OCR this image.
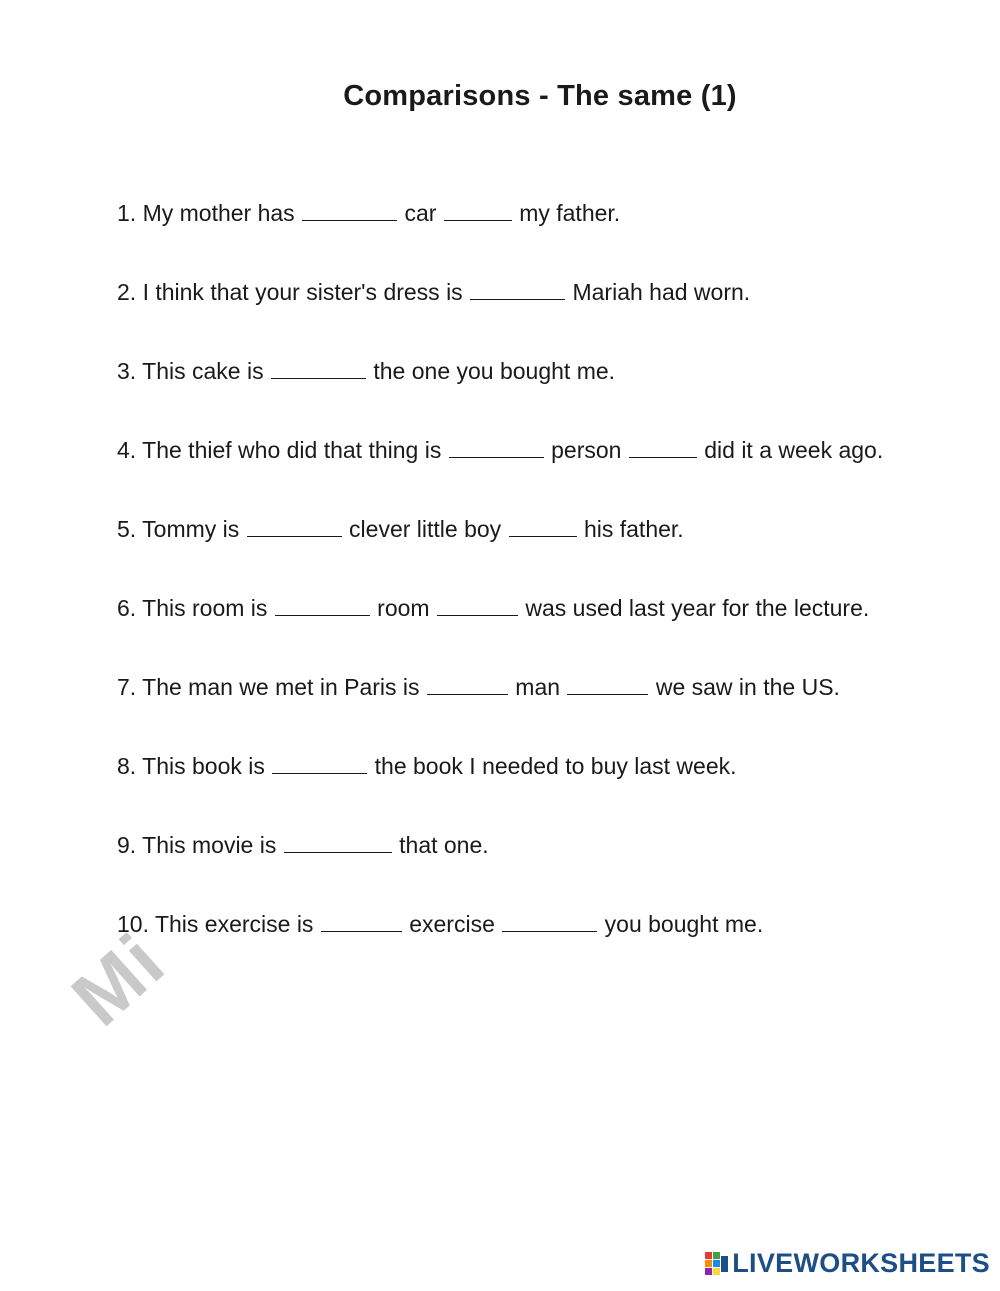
Comparisons - The same (1)
1. My mother has	car	my father.
2. I think that your sister's dress is	Mariah had worn.
3. This cake is	the one you bought me.
4. The thief who did that thing is	person	did it a week ago.
5. Tommy is	clever little boy	his father.
6. This room is	room	was used last year for the lecture.
7. The man we met in Paris is	man	we saw in the US.
8. This book is	the book I needed to buy last week.
9. This movie is	that one.
10. This exercise is	exercise	you bought me.
Mi
LIVEWORKSHEETS
